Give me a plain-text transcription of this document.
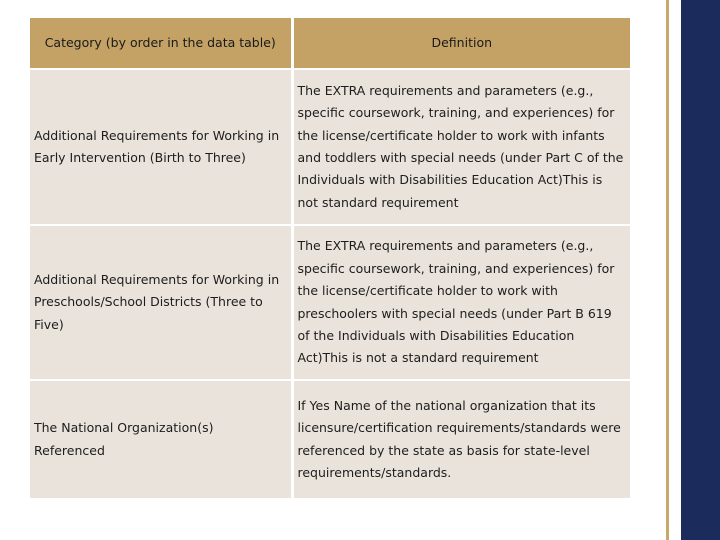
Category (by order in the data table)	Definition

Additional Requirements for Working in Early Intervention (Birth to Three)	The EXTRA requirements and parameters (e.g., specific coursework, training, and experiences) for the license/certificate holder to work with infants and toddlers with special needs (under Part C of the Individuals with Disabilities Education Act)This is not standard requirement

Additional Requirements for Working in Preschools/School Districts (Three to Five)	The EXTRA requirements and parameters (e.g., specific coursework, training, and experiences) for the license/certificate holder to work with preschoolers with special needs (under Part B 619 of the Individuals with Disabilities Education Act)This is not a standard requirement

The National Organization(s) Referenced	If Yes Name of the national organization that its licensure/certification requirements/standards were referenced by the state as basis for state-level requirements/standards.
